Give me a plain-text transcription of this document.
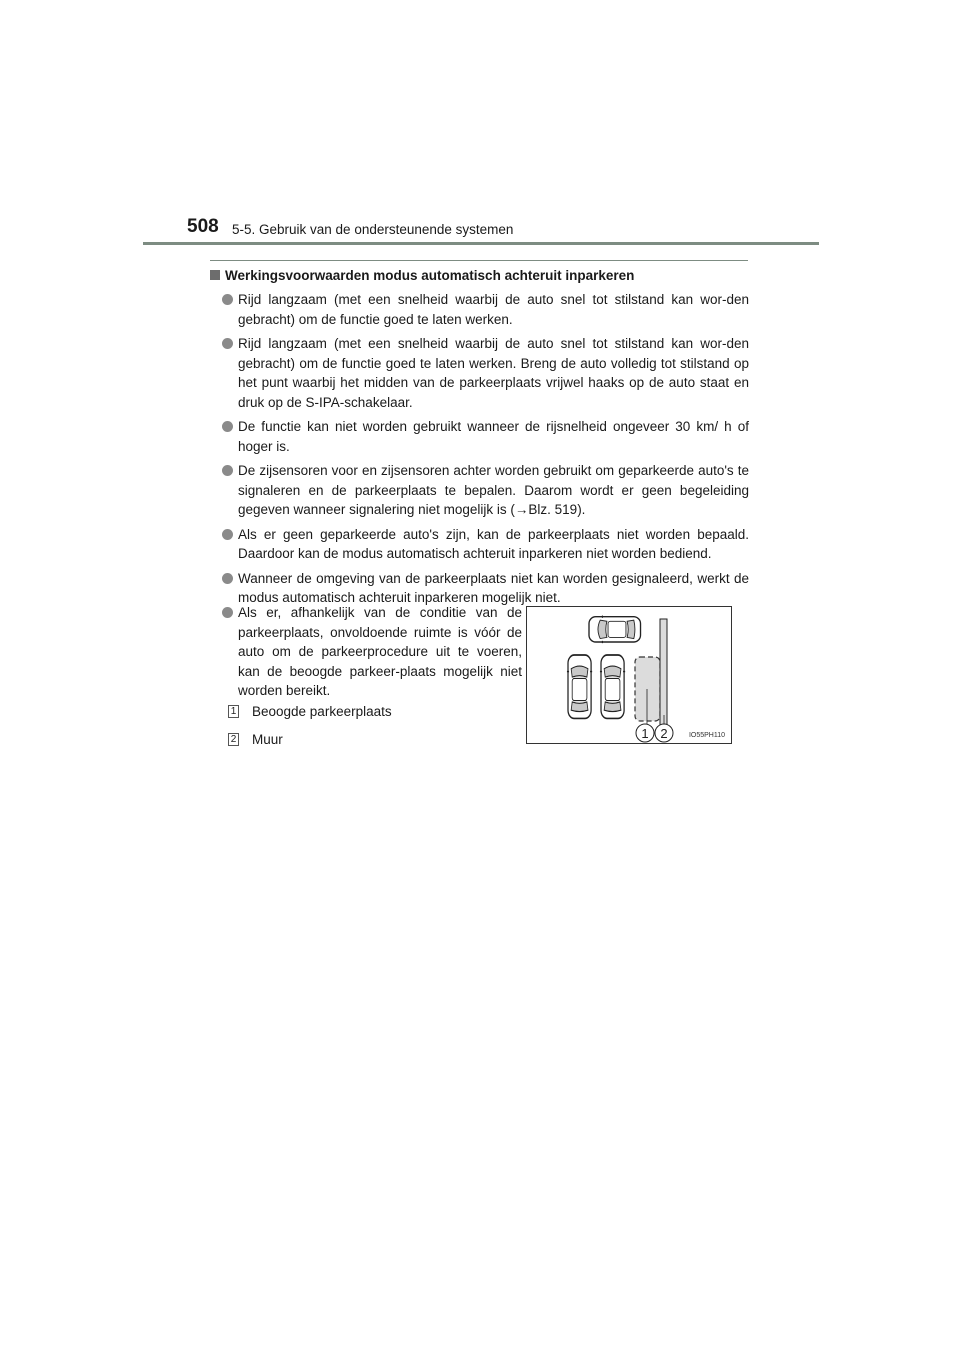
508 5-5. Gebruik van de ondersteunende systemen
Werkingsvoorwaarden modus automatisch achteruit inparkeren
Rijd langzaam (met een snelheid waarbij de auto snel tot stilstand kan wor-den gebracht) om de functie goed te laten werken.
Rijd langzaam (met een snelheid waarbij de auto snel tot stilstand kan wor-den gebracht) om de functie goed te laten werken. Breng de auto volledig tot stilstand op het punt waarbij het midden van de parkeerplaats vrijwel haaks op de auto staat en druk op de S-IPA-schakelaar.
De functie kan niet worden gebruikt wanneer de rijsnelheid ongeveer 30 km/ h of hoger is.
De zijsensoren voor en zijsensoren achter worden gebruikt om geparkeerde auto's te signaleren en de parkeerplaats te bepalen. Daarom wordt er geen begeleiding gegeven wanneer signalering niet mogelijk is (→Blz. 519).
Als er geen geparkeerde auto's zijn, kan de parkeerplaats niet worden bepaald. Daardoor kan de modus automatisch achteruit inparkeren niet worden bediend.
Wanneer de omgeving van de parkeerplaats niet kan worden gesignaleerd, werkt de modus automatisch achteruit inparkeren mogelijk niet.
Als er, afhankelijk van de conditie van de parkeerplaats, onvoldoende ruimte is vóór de auto om de parkeerprocedure uit te voeren, kan de beoogde parkeer-plaats mogelijk niet worden bereikt.
1 Beoogde parkeerplaats
2 Muur	1 2	IO55PH110
